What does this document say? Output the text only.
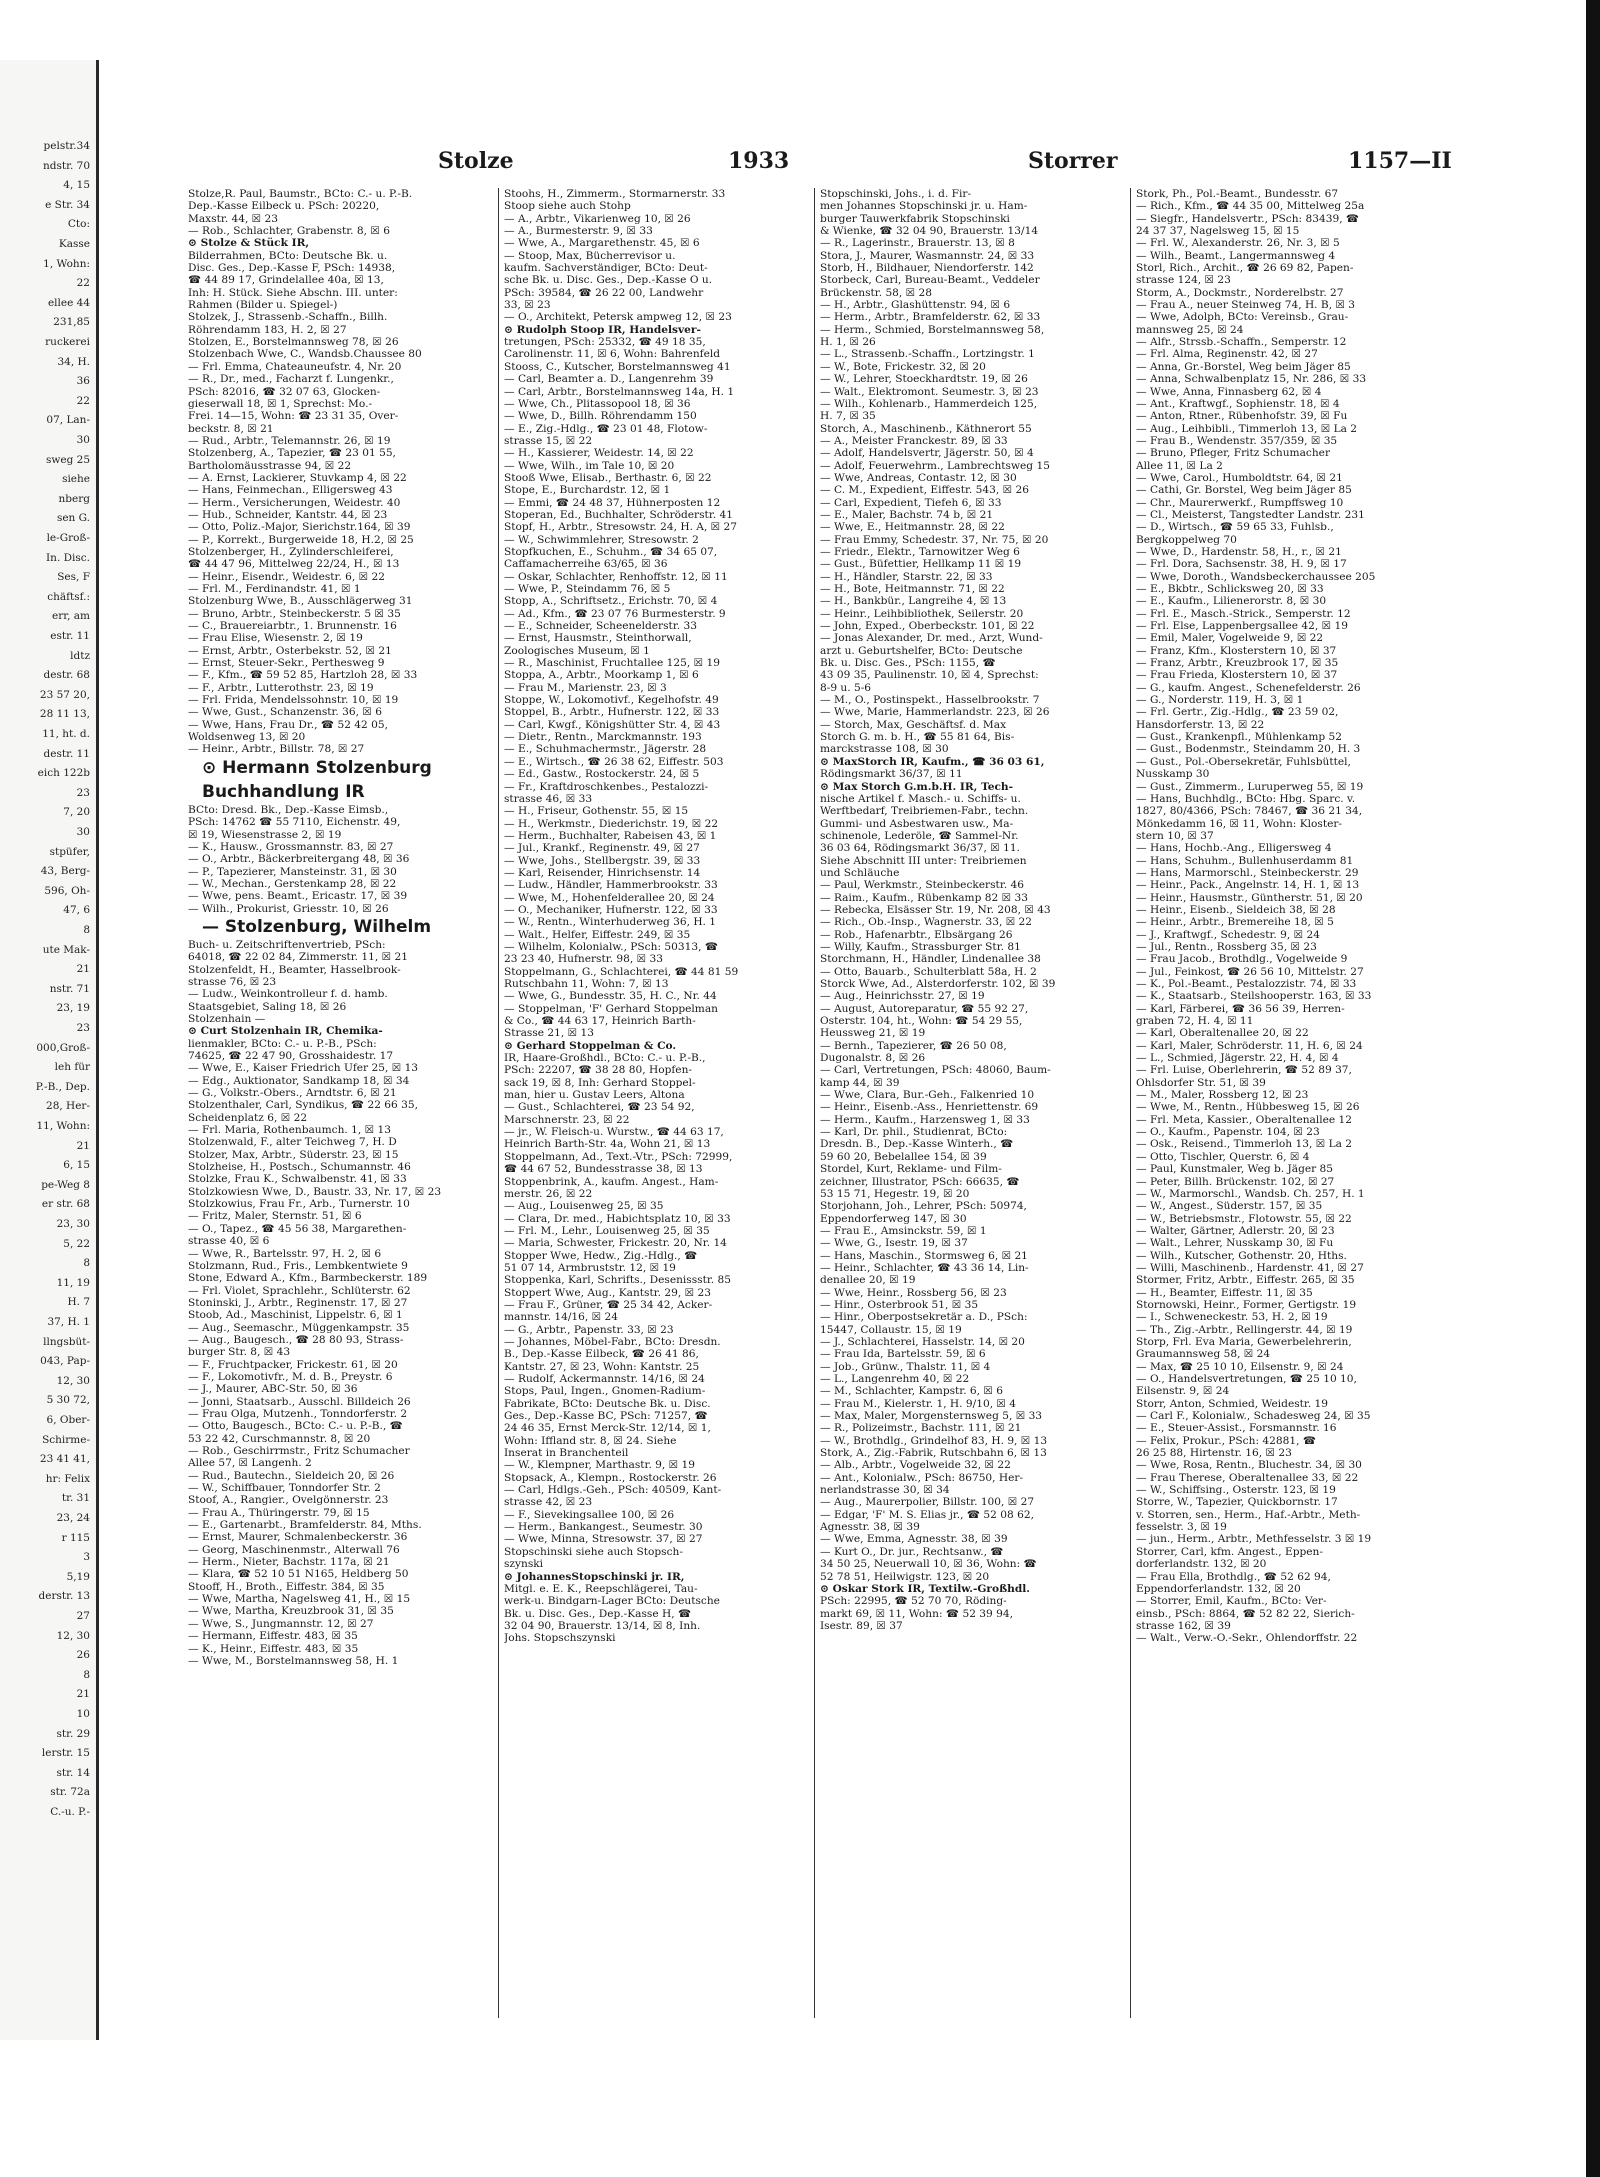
pelstr.34
ndstr. 70
4, 15
e Str. 34
Cto:
Kasse
1, Wohn:
22
ellee 44
231,85
ruckerei
34, H.
36
22
07, Lan-
30
sweg 25
siehe
nberg
sen G.
le-Groß-
In. Disc.
Ses, F
chäftsf.:
err, am
estr. 11
ldtz
destr. 68
23 57 20,
28 11 13,
11, ht. d.
destr. 11
eich 122b
23
7, 20
30
stpüfer,
43, Berg-
596, Oh-
47, 6
8
ute Mak-
21
nstr. 71
23, 19
23
000,Groß-
leh für
P.-B., Dep.
28, Her-
11, Wohn:
21
6, 15
pe-Weg 8
er str. 68
23, 30
5, 22
8
11, 19
H. 7
37, H. 1
llngsbüt-
043, Pap-
12, 30
5 30 72,
6, Ober-
Schirme-
23 41 41,
hr: Felix
tr. 31
23, 24
r 115
3
5,19
derstr. 13
27
12, 30
26
8
21
10
str. 29
lerstr. 15
str. 14
str. 72a
C.-u. P.-
Stolze	1933	Storrer	1157—II
Stolze,R. Paul, Baumstr., BCto: C.- u. P.-B.
Dep.-Kasse Eilbeck u. PSch: 20220,
Maxstr. 44, ☒ 23
— Rob., Schlachter, Grabenstr. 8, ☒ 6
⊙ Stolze & Stück IR,
Bilderrahmen, BCto: Deutsche Bk. u.
Disc. Ges., Dep.-Kasse F, PSch: 14938,
☎ 44 89 17, Grindelallee 40a, ☒ 13,
Inh: H. Stück. Siehe Abschn. III. unter:
Rahmen (Bilder u. Spiegel-)
Stolzek, J., Strassenb.-Schaffn., Billh.
Röhrendamm 183, H. 2, ☒ 27
Stolzen, E., Borstelmannsweg 78, ☒ 26
Stolzenbach Wwe, C., Wandsb.Chaussee 80
— Frl. Emma, Chateauneufstr. 4, Nr. 20
— R., Dr., med., Facharzt f. Lungenkr.,
PSch: 82016, ☎ 32 07 63, Glocken-
gieserwall 18, ☒ 1, Sprechst: Mo.-
Frei. 14—15, Wohn: ☎ 23 31 35, Over-
beckstr. 8, ☒ 21
— Rud., Arbtr., Telemannstr. 26, ☒ 19
Stolzenberg, A., Tapezier, ☎ 23 01 55,
Bartholomäusstrasse 94, ☒ 22
— A. Ernst, Lackierer, Stuvkamp 4, ☒ 22
— Hans, Feinmechan., Elligersweg 43
— Herm., Versicherungen, Weidestr. 40
— Hub., Schneider, Kantstr. 44, ☒ 23
— Otto, Poliz.-Major, Sierichstr.164, ☒ 39
— P., Korrekt., Burgerweide 18, H.2, ☒ 25
Stolzenberger, H., Zylinderschleiferei,
☎ 44 47 96, Mittelweg 22/24, H., ☒ 13
— Heinr., Eisendr., Weidestr. 6, ☒ 22
— Frl. M., Ferdinandstr. 41, ☒ 1
Stolzenburg Wwe, B., Ausschlägerweg 31
— Bruno, Arbtr., Steinbeckerstr. 5 ☒ 35
— C., Brauereiarbtr., 1. Brunnenstr. 16
— Frau Elise, Wiesenstr. 2, ☒ 19
— Ernst, Arbtr., Osterbekstr. 52, ☒ 21
— Ernst, Steuer-Sekr., Perthesweg 9
— F., Kfm., ☎ 59 52 85, Hartzloh 28, ☒ 33
— F., Arbtr., Lutterothstr. 23, ☒ 19
— Frl. Frida, Mendelssohnstr. 10, ☒ 19
— Wwe, Gust., Schanzenstr. 36, ☒ 6
— Wwe, Hans, Frau Dr., ☎ 52 42 05,
Woldsenweg 13, ☒ 20
— Heinr., Arbtr., Billstr. 78, ☒ 27
⊙ Hermann Stolzenburg
Buchhandlung IR
BCto: Dresd. Bk., Dep.-Kasse Eimsb.,
PSch: 14762 ☎ 55 7110, Eichenstr. 49,
☒ 19, Wiesenstrasse 2, ☒ 19
— K., Hausw., Grossmannstr. 83, ☒ 27
— O., Arbtr., Bäckerbreitergang 48, ☒ 36
— P., Tapezierer, Mansteinstr. 31, ☒ 30
— W., Mechan., Gerstenkamp 28, ☒ 22
— Wwe, pens. Beamt., Ericastr. 17, ☒ 39
— Wilh., Prokurist, Griesstr. 10, ☒ 26
— Stolzenburg, Wilhelm
Buch- u. Zeitschriftenvertrieb, PSch:
64018, ☎ 22 02 84, Zimmerstr. 11, ☒ 21
Stolzenfeldt, H., Beamter, Hasselbrook-
strasse 76, ☒ 23
— Ludw., Weinkontrolleur f. d. hamb.
Staatsgebiet, Saling 18, ☒ 26
Stolzenhain —
⊙ Curt Stolzenhain IR, Chemika-
lienmakler, BCto: C.- u. P.-B., PSch:
74625, ☎ 22 47 90, Grosshaidestr. 17
— Wwe, E., Kaiser Friedrich Ufer 25, ☒ 13
— Edg., Auktionator, Sandkamp 18, ☒ 34
— G., Volkstr.-Obers., Arndtstr. 6, ☒ 21
Stolzenthaler, Carl, Syndikus, ☎ 22 66 35,
Scheidenplatz 6, ☒ 22
— Frl. Maria, Rothenbaumch. 1, ☒ 13
Stolzenwald, F., alter Teichweg 7, H. D
Stolzer, Max, Arbtr., Süderstr. 23, ☒ 15
Stolzheise, H., Postsch., Schumannstr. 46
Stolzke, Frau K., Schwalbenstr. 41, ☒ 33
Stolzkowiesn Wwe, D., Baustr. 33, Nr. 17, ☒ 23
Stolzkowius, Frau Fr., Arb., Turnerstr. 10
— Fritz, Maler, Sternstr. 51, ☒ 6
— O., Tapez., ☎ 45 56 38, Margarethen-
strasse 40, ☒ 6
— Wwe, R., Bartelsstr. 97, H. 2, ☒ 6
Stolzmann, Rud., Fris., Lembkentwiete 9
Stone, Edward A., Kfm., Barmbeckerstr. 189
— Frl. Violet, Sprachlehr., Schlüterstr. 62
Stoninski, J., Arbtr., Reginenstr. 17, ☒ 27
Stoob, Ad., Maschinist, Lippelstr. 6, ☒ 1
— Aug., Seemaschr., Müggenkampstr. 35
— Aug., Baugesch., ☎ 28 80 93, Strass-
burger Str. 8, ☒ 43
— F., Fruchtpacker, Frickestr. 61, ☒ 20
— F., Lokomotivfr., M. d. B., Preystr. 6
— J., Maurer, ABC-Str. 50, ☒ 36
— Jonni, Staatsarb., Ausschl. Billdeich 26
— Frau Olga, Mutzenh., Tonndorferstr. 2
— Otto, Baugesch., BCto: C.- u. P.-B., ☎
53 22 42, Curschmannstr. 8, ☒ 20
— Rob., Geschirrmstr., Fritz Schumacher
Allee 57, ☒ Langenh. 2
— Rud., Bautechn., Sieldeich 20, ☒ 26
— W., Schiffbauer, Tonndorfer Str. 2
Stoof, A., Rangier., Ovelgönnerstr. 23
— Frau A., Thüringerstr. 79, ☒ 15
— E., Gartenarbt., Bramfelderstr. 84, Mths.
— Ernst, Maurer, Schmalenbeckerstr. 36
— Georg, Maschinenmstr., Alterwall 76
— Herm., Nieter, Bachstr. 117a, ☒ 21
— Klara, ☎ 52 10 51 N165, Heldberg 50
Stooff, H., Broth., Eiffestr. 384, ☒ 35
— Wwe, Martha, Nagelsweg 41, H., ☒ 15
— Wwe, Martha, Kreuzbrook 31, ☒ 35
— Wwe, S., Jungmannstr. 12, ☒ 27
— Hermann, Eiffestr. 483, ☒ 35
— K., Heinr., Eiffestr. 483, ☒ 35
— Wwe, M., Borstelmannsweg 58, H. 1
Stoohs, H., Zimmerm., Stormarnerstr. 33
Stoop siehe auch Stohp
— A., Arbtr., Vikarienweg 10, ☒ 26
— A., Burmesterstr. 9, ☒ 33
— Wwe, A., Margarethenstr. 45, ☒ 6
— Stoop, Max, Bücherrevisor u.
kaufm. Sachverständiger, BCto: Deut-
sche Bk. u. Disc. Ges., Dep.-Kasse O u.
PSch: 39584, ☎ 26 22 00, Landwehr
33, ☒ 23
— O., Architekt, Petersk ampweg 12, ☒ 23
⊙ Rudolph Stoop IR, Handelsver-
tretungen, PSch: 25332, ☎ 49 18 35,
Carolinenstr. 11, ☒ 6, Wohn: Bahrenfeld
Stooss, C., Kutscher, Borstelmannsweg 41
— Carl, Beamter a. D., Langenrehm 39
— Carl, Arbtr., Borstelmannsweg 14a, H. 1
— Wwe, Ch., Plitassopool 18, ☒ 36
— Wwe, D., Billh. Röhrendamm 150
— E., Zig.-Hdlg., ☎ 23 01 48, Flotow-
strasse 15, ☒ 22
— H., Kassierer, Weidestr. 14, ☒ 22
— Wwe, Wilh., im Tale 10, ☒ 20
Stooß Wwe, Elisab., Berthastr. 6, ☒ 22
Stope, E., Burchardstr. 12, ☒ 1
— Emmi, ☎ 24 48 37, Hühnerposten 12
Stoperan, Ed., Buchhalter, Schröderstr. 41
Stopf, H., Arbtr., Stresowstr. 24, H. A, ☒ 27
— W., Schwimmlehrer, Stresowstr. 2
Stopfkuchen, E., Schuhm., ☎ 34 65 07,
Caffamacherreihe 63/65, ☒ 36
— Oskar, Schlachter, Renhoffstr. 12, ☒ 11
— Wwe, P., Steindamm 76, ☒ 5
Stopp, A., Schriftsetz., Erichstr. 70, ☒ 4
— Ad., Kfm., ☎ 23 07 76 Burmesterstr. 9
— E., Schneider, Scheenelderstr. 33
— Ernst, Hausmstr., Steinthorwall,
Zoologisches Museum, ☒ 1
— R., Maschinist, Fruchtallee 125, ☒ 19
Stoppa, A., Arbtr., Moorkamp 1, ☒ 6
— Frau M., Marienstr. 23, ☒ 3
Stoppe, W., Lokomotivf., Kegelhofstr. 49
Stoppel, B., Arbtr., Hufnerstr. 122, ☒ 33
— Carl, Kwgf., Königshütter Str. 4, ☒ 43
— Dietr., Rentn., Marckmannstr. 193
— E., Schuhmachermstr., Jägerstr. 28
— E., Wirtsch., ☎ 26 38 62, Eiffestr. 503
— Ed., Gastw., Rostockerstr. 24, ☒ 5
— Fr., Kraftdroschkenbes., Pestalozzi-
strasse 46, ☒ 33
— H., Friseur, Gothenstr. 55, ☒ 15
— H., Werkmstr., Diederichstr. 19, ☒ 22
— Herm., Buchhalter, Rabeisen 43, ☒ 1
— Jul., Krankf., Reginenstr. 49, ☒ 27
— Wwe, Johs., Stellbergstr. 39, ☒ 33
— Karl, Reisender, Hinrichsenstr. 14
— Ludw., Händler, Hammerbrookstr. 33
— Wwe, M., Hohenfelderallee 20, ☒ 24
— O., Mechaniker, Hufnerstr. 122, ☒ 33
— W., Rentn., Winterhuderweg 36, H. 1
— Walt., Helfer, Eiffestr. 249, ☒ 35
— Wilhelm, Kolonialw., PSch: 50313, ☎
23 23 40, Hufnerstr. 98, ☒ 33
Stoppelmann, G., Schlachterei, ☎ 44 81 59
Rutschbahn 11, Wohn: 7, ☒ 13
— Wwe, G., Bundesstr. 35, H. C., Nr. 44
— Stoppelman, 'F' Gerhard Stoppelman
& Co., ☎ 44 63 17, Heinrich Barth-
Strasse 21, ☒ 13
⊙ Gerhard Stoppelman & Co.
IR, Haare-Großhdl., BCto: C.- u. P.-B.,
PSch: 22207, ☎ 38 28 80, Hopfen-
sack 19, ☒ 8, Inh: Gerhard Stoppel-
man, hier u. Gustav Leers, Altona
— Gust., Schlachterei, ☎ 23 54 92,
Marschnerstr. 23, ☒ 22
— jr., W. Fleisch-u. Wurstw., ☎ 44 63 17,
Heinrich Barth-Str. 4a, Wohn 21, ☒ 13
Stoppelmann, Ad., Text.-Vtr., PSch: 72999,
☎ 44 67 52, Bundesstrasse 38, ☒ 13
Stoppenbrink, A., kaufm. Angest., Ham-
merstr. 26, ☒ 22
— Aug., Louisenweg 25, ☒ 35
— Clara, Dr. med., Habichtsplatz 10, ☒ 33
— Frl. M., Lehr., Louisenweg 25, ☒ 35
— Maria, Schwester, Frickestr. 20, Nr. 14
Stopper Wwe, Hedw., Zig.-Hdlg., ☎
51 07 14, Armbruststr. 12, ☒ 19
Stoppenka, Karl, Schrifts., Desenissstr. 85
Stoppert Wwe, Aug., Kantstr. 29, ☒ 23
— Frau F., Grüner, ☎ 25 34 42, Acker-
mannstr. 14/16, ☒ 24
— G., Arbtr., Papenstr. 33, ☒ 23
— Johannes, Möbel-Fabr., BCto: Dresdn.
B., Dep.-Kasse Eilbeck, ☎ 26 41 86,
Kantstr. 27, ☒ 23, Wohn: Kantstr. 25
— Rudolf, Ackermannstr. 14/16, ☒ 24
Stops, Paul, Ingen., Gnomen-Radium-
Fabrikate, BCto: Deutsche Bk. u. Disc.
Ges., Dep.-Kasse BC, PSch: 71257, ☎
24 46 35, Ernst Merck-Str. 12/14, ☒ 1,
Wohn: Iffland str. 8, ☒ 24. Siehe
Inserat in Branchenteil
— W., Klempner, Marthastr. 9, ☒ 19
Stopsack, A., Klempn., Rostockerstr. 26
— Carl, Hdlgs.-Geh., PSch: 40509, Kant-
strasse 42, ☒ 23
— F., Sievekingsallee 100, ☒ 26
— Herm., Bankangest., Seumestr. 30
— Wwe, Minna, Stresowstr. 37, ☒ 27
Stopschinski siehe auch Stopsch-
szynski
⊙ JohannesStopschinski jr. IR,
Mitgl. e. E. K., Reepschlägerei, Tau-
werk-u. Bindgarn-Lager BCto: Deutsche
Bk. u. Disc. Ges., Dep.-Kasse H, ☎
32 04 90, Brauerstr. 13/14, ☒ 8, Inh.
Johs. Stopschszynski
Stopschinski, Johs., i. d. Fir-
men Johannes Stopschinski jr. u. Ham-
burger Tauwerkfabrik Stopschinski
& Wienke, ☎ 32 04 90, Brauerstr. 13/14
— R., Lagerinstr., Brauerstr. 13, ☒ 8
Stora, J., Maurer, Wasmannstr. 24, ☒ 33
Storb, H., Bildhauer, Niendorferstr. 142
Storbeck, Carl, Bureau-Beamt., Veddeler
Brückenstr. 58, ☒ 28
— H., Arbtr., Glashüttenstr. 94, ☒ 6
— Herm., Arbtr., Bramfelderstr. 62, ☒ 33
— Herm., Schmied, Borstelmannsweg 58,
H. 1, ☒ 26
— L., Strassenb.-Schaffn., Lortzingstr. 1
— W., Bote, Frickestr. 32, ☒ 20
— W., Lehrer, Stoeckhardtstr. 19, ☒ 26
— Walt., Elektromont. Seumestr. 3, ☒ 23
— Wilh., Kohlenarb., Hammerdeich 125,
H. 7, ☒ 35
Storch, A., Maschinenb., Käthnerort 55
— A., Meister Franckestr. 89, ☒ 33
— Adolf, Handelsvertr, Jägerstr. 50, ☒ 4
— Adolf, Feuerwehrm., Lambrechtsweg 15
— Wwe, Andreas, Contastr. 12, ☒ 30
— C. M., Expedient, Eiffestr. 543, ☒ 26
— Carl, Expedient, Tiefeh 6, ☒ 33
— E., Maler, Bachstr. 74 b, ☒ 21
— Wwe, E., Heitmannstr. 28, ☒ 22
— Frau Emmy, Schedestr. 37, Nr. 75, ☒ 20
— Friedr., Elektr., Tarnowitzer Weg 6
— Gust., Büfettier, Hellkamp 11 ☒ 19
— H., Händler, Starstr. 22, ☒ 33
— H., Bote, Heitmannstr. 71, ☒ 22
— H., Bankbür., Langreihe 4, ☒ 13
— Heinr., Leihbibliothek, Seilerstr. 20
— John, Exped., Oberbeckstr. 101, ☒ 22
— Jonas Alexander, Dr. med., Arzt, Wund-
arzt u. Geburtshelfer, BCto: Deutsche
Bk. u. Disc. Ges., PSch: 1155, ☎
43 09 35, Paulinenstr. 10, ☒ 4, Sprechst:
8-9 u. 5-6
— M., O., Postinspekt., Hasselbrookstr. 7
— Wwe, Marie, Hammerlandstr. 223, ☒ 26
— Storch, Max, Geschäftsf. d. Max
Storch G. m. b. H., ☎ 55 81 64, Bis-
marckstrasse 108, ☒ 30
⊙ MaxStorch IR, Kaufm., ☎ 36 03 61,
Rödingsmarkt 36/37, ☒ 11
⊙ Max Storch G.m.b.H. IR, Tech-
nische Artikel f. Masch.- u. Schiffs- u.
Werftbedarf, Treibriemen-Fabr., techn.
Gummi- und Asbestwaren usw., Ma-
schinenole, Lederöle, ☎ Sammel-Nr.
36 03 64, Rödingsmarkt 36/37, ☒ 11.
Siehe Abschnitt III unter: Treibriemen
und Schläuche
— Paul, Werkmstr., Steinbeckerstr. 46
— Raim., Kaufm., Rübenkamp 82 ☒ 33
— Rebecka, Elsässer Str. 19, Nr. 208, ☒ 43
— Rich., Ob.-Insp., Wagnerstr. 33, ☒ 22
— Rob., Hafenarbtr., Elbsärgang 26
— Willy, Kaufm., Strassburger Str. 81
Storchmann, H., Händler, Lindenallee 38
— Otto, Bauarb., Schulterblatt 58a, H. 2
Storck Wwe, Ad., Alsterdorferstr. 102, ☒ 39
— Aug., Heinrichsstr. 27, ☒ 19
— August, Autoreparatur, ☎ 55 92 27,
Osterstr. 104, ht., Wohn: ☎ 54 29 55,
Heussweg 21, ☒ 19
— Bernh., Tapezierer, ☎ 26 50 08,
Dugonalstr. 8, ☒ 26
— Carl, Vertretungen, PSch: 48060, Baum-
kamp 44, ☒ 39
— Wwe, Clara, Bur.-Geh., Falkenried 10
— Heinr., Eisenb.-Ass., Henriettenstr. 69
— Herm., Kaufm., Harzensweg 1, ☒ 33
— Karl, Dr. phil., Studienrat, BCto:
Dresdn. B., Dep.-Kasse Winterh., ☎
59 60 20, Bebelallee 154, ☒ 39
Stordel, Kurt, Reklame- und Film-
zeichner, Illustrator, PSch: 66635, ☎
53 15 71, Hegestr. 19, ☒ 20
Storjohann, Joh., Lehrer, PSch: 50974,
Eppendorferweg 147, ☒ 30
— Frau E., Amsinckstr. 59, ☒ 1
— Wwe, G., Isestr. 19, ☒ 37
— Hans, Maschin., Stormsweg 6, ☒ 21
— Heinr., Schlachter, ☎ 43 36 14, Lin-
denallee 20, ☒ 19
— Wwe, Heinr., Rossberg 56, ☒ 23
— Hinr., Osterbrook 51, ☒ 35
— Hinr., Oberpostsekretär a. D., PSch:
15447, Collaustr. 15, ☒ 19
— J., Schlachterei, Hasselstr. 14, ☒ 20
— Frau Ida, Bartelsstr. 59, ☒ 6
— Job., Grünw., Thalstr. 11, ☒ 4
— L., Langenrehm 40, ☒ 22
— M., Schlachter, Kampstr. 6, ☒ 6
— Frau M., Kielerstr. 1, H. 9/10, ☒ 4
— Max, Maler, Morgensternsweg 5, ☒ 33
— R., Polizeimstr., Bachstr. 111, ☒ 21
— W., Brothdlg., Grindelhof 83, H. 9, ☒ 13
Stork, A., Zig.-Fabrik, Rutschbahn 6, ☒ 13
— Alb., Arbtr., Vogelweide 32, ☒ 22
— Ant., Kolonialw., PSch: 86750, Her-
nerlandstrasse 30, ☒ 34
— Aug., Maurerpolier, Billstr. 100, ☒ 27
— Edgar, 'F' M. S. Elias jr., ☎ 52 08 62,
Agnesstr. 38, ☒ 39
— Wwe, Emma, Agnesstr. 38, ☒ 39
— Kurt O., Dr. jur., Rechtsanw., ☎
34 50 25, Neuerwall 10, ☒ 36, Wohn: ☎
52 78 51, Heilwigstr. 123, ☒ 20
⊙ Oskar Stork IR, Textilw.-Großhdl.
PSch: 22995, ☎ 52 70 70, Röding-
markt 69, ☒ 11, Wohn: ☎ 52 39 94,
Isestr. 89, ☒ 37
Stork, Ph., Pol.-Beamt., Bundesstr. 67
— Rich., Kfm., ☎ 44 35 00, Mittelweg 25a
— Siegfr., Handelsvertr., PSch: 83439, ☎
24 37 37, Nagelsweg 15, ☒ 15
— Frl. W., Alexanderstr. 26, Nr. 3, ☒ 5
— Wilh., Beamt., Langermannsweg 4
Storl, Rich., Archit., ☎ 26 69 82, Papen-
strasse 124, ☒ 23
Storm, A., Dockmstr., Norderelbstr. 27
— Frau A., neuer Steinweg 74, H. B, ☒ 3
— Wwe, Adolph, BCto: Vereinsb., Grau-
mannsweg 25, ☒ 24
— Alfr., Strssb.-Schaffn., Semperstr. 12
— Frl. Alma, Reginenstr. 42, ☒ 27
— Anna, Gr.-Borstel, Weg beim Jäger 85
— Anna, Schwalbenplatz 15, Nr. 286, ☒ 33
— Wwe, Anna, Finnasberg 62, ☒ 4
— Ant., Kraftwgf., Sophienstr. 18, ☒ 4
— Anton, Rtner., Rübenhofstr. 39, ☒ Fu
— Aug., Leihbibli., Timmerloh 13, ☒ La 2
— Frau B., Wendenstr. 357/359, ☒ 35
— Bruno, Pfleger, Fritz Schumacher
Allee 11, ☒ La 2
— Wwe, Carol., Humboldtstr. 64, ☒ 21
— Cathi, Gr. Borstel, Weg beim Jäger 85
— Chr., Maurerwerkf., Rumpffsweg 10
— Cl., Meisterst, Tangstedter Landstr. 231
— D., Wirtsch., ☎ 59 65 33, Fuhlsb.,
Bergkoppelweg 70
— Wwe, D., Hardenstr. 58, H., r., ☒ 21
— Frl. Dora, Sachsenstr. 38, H. 9, ☒ 17
— Wwe, Doroth., Wandsbeckerchaussee 205
— E., Bkbtr., Schlicksweg 20, ☒ 33
— E., Kaufm., Lilienerorstr. 8, ☒ 30
— Frl. E., Masch.-Strick., Semperstr. 12
— Frl. Else, Lappenbergsallee 42, ☒ 19
— Emil, Maler, Vogelweide 9, ☒ 22
— Franz, Kfm., Klosterstern 10, ☒ 37
— Franz, Arbtr., Kreuzbrook 17, ☒ 35
— Frau Frieda, Klosterstern 10, ☒ 37
— G., kaufm. Angest., Schenefelderstr. 26
— G., Norderstr. 119, H. 3, ☒ 1
— Frl. Gertr., Zig.-Hdlg., ☎ 23 59 02,
Hansdorferstr. 13, ☒ 22
— Gust., Krankenpfl., Mühlenkamp 52
— Gust., Bodenmstr., Steindamm 20, H. 3
— Gust., Pol.-Obersekretär, Fuhlsbüttel,
Nusskamp 30
— Gust., Zimmerm., Luruperweg 55, ☒ 19
— Hans, Buchhdlg., BCto: Hbg. Sparc. v.
1827, 80/4366, PSch: 78467, ☎ 36 21 34,
Mönkedamm 16, ☒ 11, Wohn: Kloster-
stern 10, ☒ 37
— Hans, Hochb.-Ang., Elligersweg 4
— Hans, Schuhm., Bullenhuserdamm 81
— Hans, Marmorschl., Steinbeckerstr. 29
— Heinr., Pack., Angelnstr. 14, H. 1, ☒ 13
— Heinr., Hausmstr., Güntherstr. 51, ☒ 20
— Heinr., Eisenb., Sieldeich 38, ☒ 28
— Heinr., Arbtr., Bremereihe 18, ☒ 5
— J., Kraftwgf., Schedestr. 9, ☒ 24
— Jul., Rentn., Rossberg 35, ☒ 23
— Frau Jacob., Brothdlg., Vogelweide 9
— Jul., Feinkost, ☎ 26 56 10, Mittelstr. 27
— K., Pol.-Beamt., Pestalozzistr. 74, ☒ 33
— K., Staatsarb., Steilshooperstr. 163, ☒ 33
— Karl, Färberei, ☎ 36 56 39, Herren-
graben 72, H. 4, ☒ 11
— Karl, Oberaltenallee 20, ☒ 22
— Karl, Maler, Schröderstr. 11, H. 6, ☒ 24
— L., Schmied, Jägerstr. 22, H. 4, ☒ 4
— Frl. Luise, Oberlehrerin, ☎ 52 89 37,
Ohlsdorfer Str. 51, ☒ 39
— M., Maler, Rossberg 12, ☒ 23
— Wwe, M., Rentn., Hübbesweg 15, ☒ 26
— Frl. Meta, Kassier., Oberaltenallee 12
— O., Kaufm., Papenstr. 104, ☒ 23
— Osk., Reisend., Timmerloh 13, ☒ La 2
— Otto, Tischler, Querstr. 6, ☒ 4
— Paul, Kunstmaler, Weg b. Jäger 85
— Peter, Billh. Brückenstr. 102, ☒ 27
— W., Marmorschl., Wandsb. Ch. 257, H. 1
— W., Angest., Süderstr. 157, ☒ 35
— W., Betriebsmstr., Flotowstr. 55, ☒ 22
— Walter, Gärtner, Adlerstr. 20, ☒ 23
— Walt., Lehrer, Nusskamp 30, ☒ Fu
— Wilh., Kutscher, Gothenstr. 20, Hths.
— Willi, Maschinenb., Hardenstr. 41, ☒ 27
Stormer, Fritz, Arbtr., Eiffestr. 265, ☒ 35
— H., Beamter, Eiffestr. 11, ☒ 35
Stornowski, Heinr., Former, Gertigstr. 19
— I., Schweneckestr. 53, H. 2, ☒ 19
— Th., Zig.-Arbtr., Rellingerstr. 44, ☒ 19
Storp, Frl. Eva Maria, Gewerbelehrerin,
Graumannsweg 58, ☒ 24
— Max, ☎ 25 10 10, Eilsenstr. 9, ☒ 24
— O., Handelsvertretungen, ☎ 25 10 10,
Eilsenstr. 9, ☒ 24
Storr, Anton, Schmied, Weidestr. 19
— Carl F., Kolonialw., Schadesweg 24, ☒ 35
— E., Steuer-Assist., Forsmannstr. 16
— Felix, Prokur., PSch: 42881, ☎
26 25 88, Hirtenstr. 16, ☒ 23
— Wwe, Rosa, Rentn., Bluchestr. 34, ☒ 30
— Frau Therese, Oberaltenallee 33, ☒ 22
— W., Schiffsing., Osterstr. 123, ☒ 19
Storre, W., Tapezier, Quickbornstr. 17
v. Storren, sen., Herm., Haf.-Arbtr., Meth-
fesselstr. 3, ☒ 19
— jun., Herm., Arbtr., Methfesselstr. 3 ☒ 19
Storrer, Carl, kfm. Angest., Eppen-
dorferlandstr. 132, ☒ 20
— Frau Ella, Brothdlg., ☎ 52 62 94,
Eppendorferlandstr. 132, ☒ 20
— Storrer, Emil, Kaufm., BCto: Ver-
einsb., PSch: 8864, ☎ 52 82 22, Sierich-
strasse 162, ☒ 39
— Walt., Verw.-O.-Sekr., Ohlendorffstr. 22
